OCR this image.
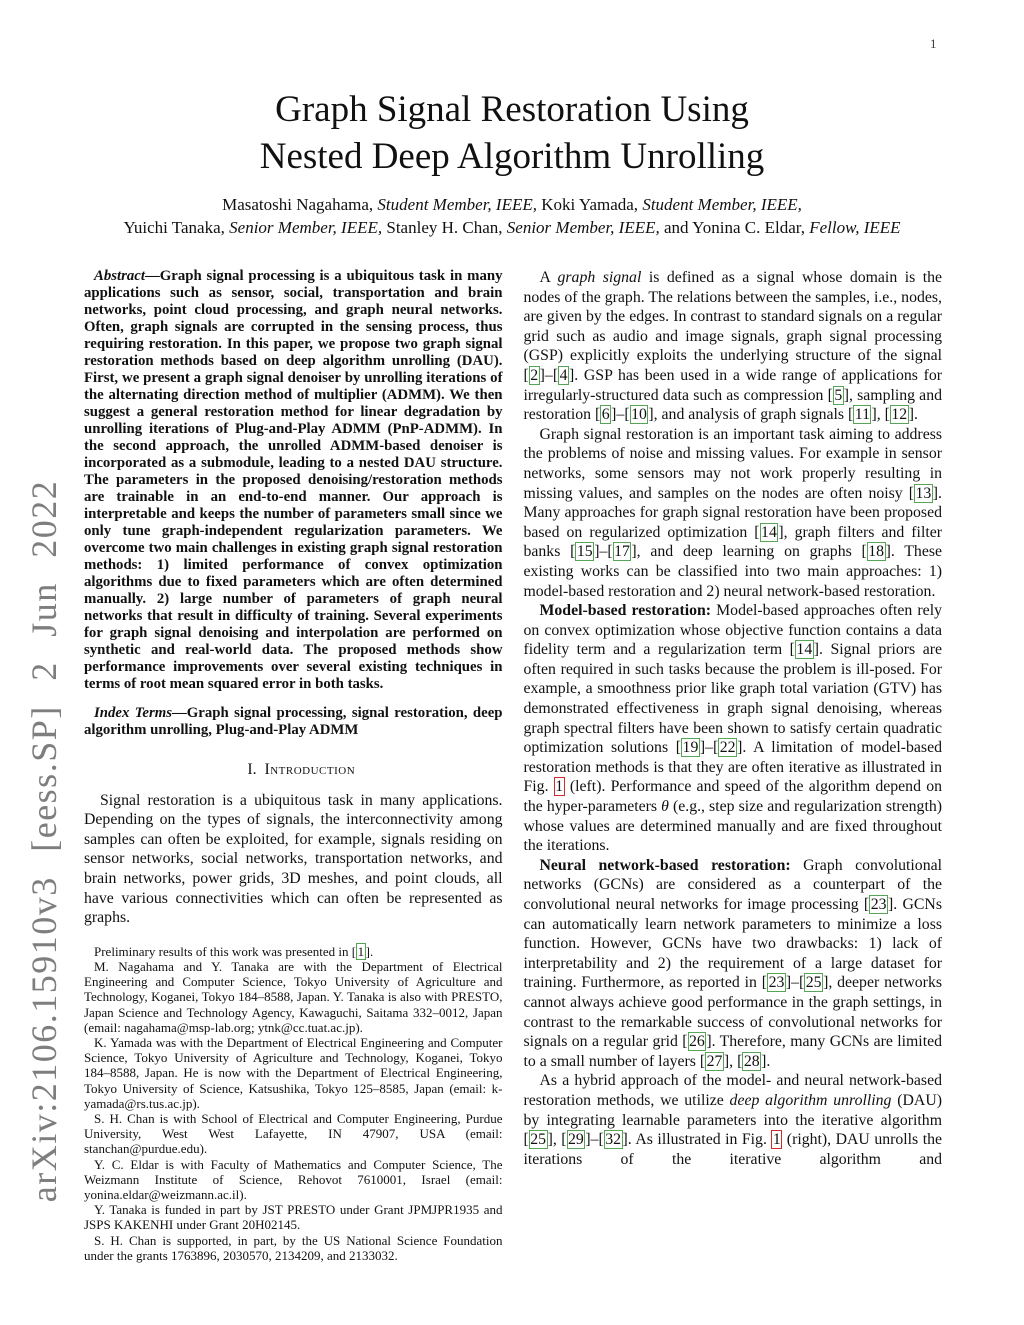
1
arXiv:2106.15910v3 [eess.SP] 2 Jun 2022
Graph Signal Restoration Using
Nested Deep Algorithm Unrolling
Masatoshi Nagahama, Student Member, IEEE, Koki Yamada, Student Member, IEEE,
Yuichi Tanaka, Senior Member, IEEE, Stanley H. Chan, Senior Member, IEEE, and Yonina C. Eldar, Fellow, IEEE

Abstract—Graph signal processing is a ubiquitous task in many applications such as sensor, social, transportation and brain networks, point cloud processing, and graph neural networks. Often, graph signals are corrupted in the sensing process, thus requiring restoration. In this paper, we propose two graph signal restoration methods based on deep algorithm unrolling (DAU). First, we present a graph signal denoiser by unrolling iterations of the alternating direction method of multiplier (ADMM). We then suggest a general restoration method for linear degradation by unrolling iterations of Plug-and-Play ADMM (PnP-ADMM). In the second approach, the unrolled ADMM-based denoiser is incorporated as a submodule, leading to a nested DAU structure. The parameters in the proposed denoising/restoration methods are trainable in an end-to-end manner. Our approach is interpretable and keeps the number of parameters small since we only tune graph-independent regularization parameters. We overcome two main challenges in existing graph signal restoration methods: 1) limited performance of convex optimization algorithms due to fixed parameters which are often determined manually. 2) large number of parameters of graph neural networks that result in difficulty of training. Several experiments for graph signal denoising and interpolation are performed on synthetic and real-world data. The proposed methods show performance improvements over several existing techniques in terms of root mean squared error in both tasks.

Index Terms—Graph signal processing, signal restoration, deep algorithm unrolling, Plug-and-Play ADMM

I. Introduction

Signal restoration is a ubiquitous task in many applications. Depending on the types of signals, the interconnectivity among samples can often be exploited, for example, signals residing on sensor networks, social networks, transportation networks, and brain networks, power grids, 3D meshes, and point clouds, all have various connectivities which can often be represented as graphs.

Preliminary results of this work was presented in [ 1 ].

M. Nagahama and Y. Tanaka are with the Department of Electrical Engineering and Computer Science, Tokyo University of Agriculture and Technology, Koganei, Tokyo 184–8588, Japan. Y. Tanaka is also with PRESTO, Japan Science and Technology Agency, Kawaguchi, Saitama 332–0012, Japan (email: nagahama@msp-lab.org; ytnk@cc.tuat.ac.jp).

K. Yamada was with the Department of Electrical Engineering and Computer Science, Tokyo University of Agriculture and Technology, Koganei, Tokyo 184–8588, Japan. He is now with the Department of Electrical Engineering, Tokyo University of Science, Katsushika, Tokyo 125–8585, Japan (email: k-yamada@rs.tus.ac.jp).

S. H. Chan is with School of Electrical and Computer Engineering, Purdue University, West West Lafayette, IN 47907, USA (email: stanchan@purdue.edu).

Y. C. Eldar is with Faculty of Mathematics and Computer Science, The Weizmann Institute of Science, Rehovot 7610001, Israel (email: yonina.eldar@weizmann.ac.il).

Y. Tanaka is funded in part by JST PRESTO under Grant JPMJPR1935 and JSPS KAKENHI under Grant 20H02145.

S. H. Chan is supported, in part, by the US National Science Foundation under the grants 1763896, 2030570, 2134209, and 2133032.

A graph signal is defined as a signal whose domain is the nodes of the graph. The relations between the samples, i.e., nodes, are given by the edges. In contrast to standard signals on a regular grid such as audio and image signals, graph signal processing (GSP) explicitly exploits the underlying structure of the signal [2]–[4]. GSP has been used in a wide range of applications for irregularly-structured data such as compression [5], sampling and restoration [6]–[10], and analysis of graph signals [11], [12].

Graph signal restoration is an important task aiming to address the problems of noise and missing values. For example in sensor networks, some sensors may not work properly resulting in missing values, and samples on the nodes are often noisy [13]. Many approaches for graph signal restoration have been proposed based on regularized optimization [14], graph filters and filter banks [15]–[17], and deep learning on graphs [18]. These existing works can be classified into two main approaches: 1) model-based restoration and 2) neural network-based restoration.

Model-based restoration: Model-based approaches often rely on convex optimization whose objective function contains a data fidelity term and a regularization term [14]. Signal priors are often required in such tasks because the problem is ill-posed. For example, a smoothness prior like graph total variation (GTV) has demonstrated effectiveness in graph signal denoising, whereas graph spectral filters have been shown to satisfy certain quadratic optimization solutions [19]–[22]. A limitation of model-based restoration methods is that they are often iterative as illustrated in Fig. 1 (left). Performance and speed of the algorithm depend on the hyper-parameters θ (e.g., step size and regularization strength) whose values are determined manually and are fixed throughout the iterations.

Neural network-based restoration: Graph convolutional networks (GCNs) are considered as a counterpart of the convolutional neural networks for image processing [23]. GCNs can automatically learn network parameters to minimize a loss function. However, GCNs have two drawbacks: 1) lack of interpretability and 2) the requirement of a large dataset for training. Furthermore, as reported in [23]–[25], deeper networks cannot always achieve good performance in the graph settings, in contrast to the remarkable success of convolutional networks for signals on a regular grid [26]. Therefore, many GCNs are limited to a small number of layers [27], [28].

As a hybrid approach of the model- and neural network-based restoration methods, we utilize deep algorithm unrolling (DAU) by integrating learnable parameters into the iterative algorithm [25], [29]–[32]. As illustrated in Fig. 1 (right), DAU unrolls the iterations of the iterative algorithm and
